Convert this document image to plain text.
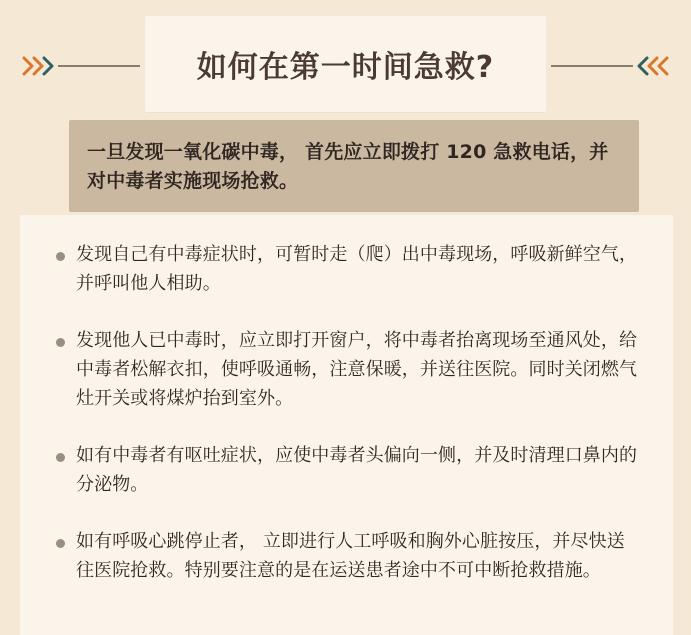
如何在第一时间急救?
一旦发现一氧化碳中毒， 首先应立即拨打 120 急救电话，并对中毒者实施现场抢救。
发现自己有中毒症状时，可暂时走（爬）出中毒现场，呼吸新鲜空气，并呼叫他人相助。
发现他人已中毒时，应立即打开窗户，将中毒者抬离现场至通风处，给中毒者松解衣扣，使呼吸通畅，注意保暖，并送往医院。同时关闭燃气灶开关或将煤炉抬到室外。
如有中毒者有呕吐症状，应使中毒者头偏向一侧，并及时清理口鼻内的分泌物。
如有呼吸心跳停止者， 立即进行人工呼吸和胸外心脏按压，并尽快送往医院抢救。特别要注意的是在运送患者途中不可中断抢救措施。
